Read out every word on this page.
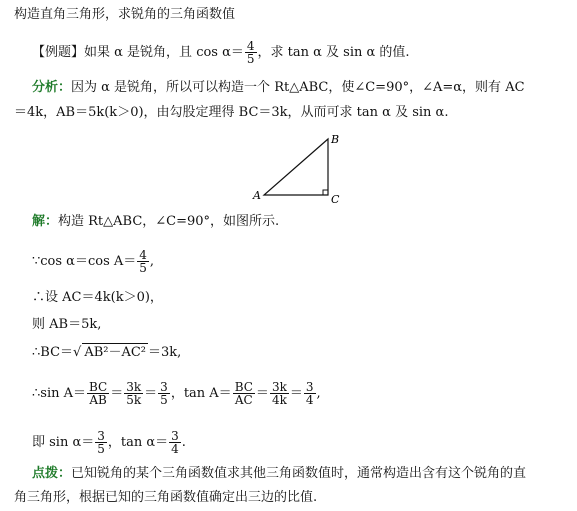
构造直角三角形，求锐角的三角函数值
【例题】如果 α 是锐角，且 $\cos \alpha= \frac{4}{5}$ ，求 tan α 及 sin α 的值.
分析：因为 α 是锐角，所以可以构造一个 Rt△ABC，使∠C=90°，∠A=α，则有 AC
＝4k，AB＝5k(k＞0)，由勾股定理得 BC＝3k，从而可求 tan α 及 sin α.
A
B
C
解：构造 Rt△ABC，∠C=90°，如图所示.
∵cos α＝cos $A= \frac{4}{5}$ ,
∴设 AC＝4k(k＞0)，
则 AB＝5k,
∴BC＝√ AB²－AC² ＝3k,
∴sin $A= \frac{BC}{AB} = \frac{3k}{5k} = \frac{3}{5}$ ，$\tan A= \frac{BC}{AC} = \frac{3k}{4k} = \frac{3}{4}$ ,
即 $\sin \alpha= \frac{3}{5}$ ，$\tan \alpha= \frac{3}{4}$ .
点拨：已知锐角的某个三角函数值求其他三角函数值时，通常构造出含有这个锐角的直
角三角形，根据已知的三角函数值确定出三边的比值.
